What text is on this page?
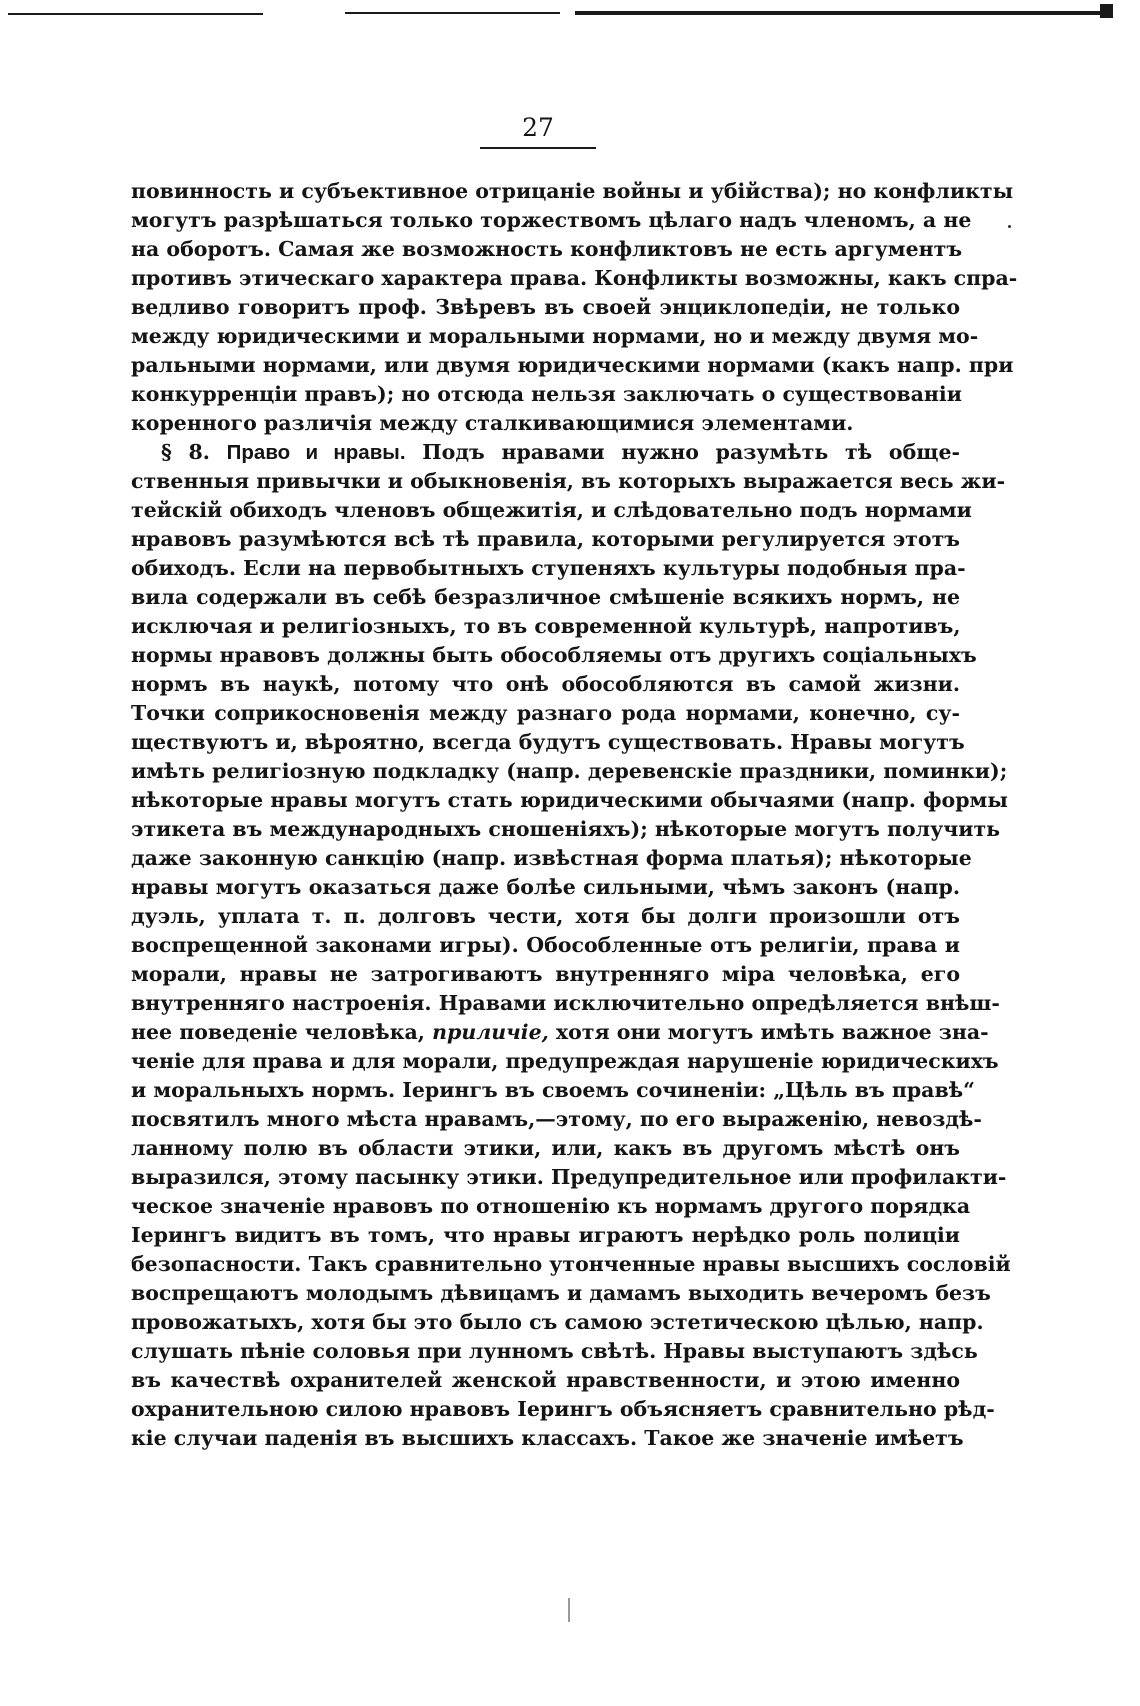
27
повинность и субъективное отрицаніе войны и убійства); но конфликты
могутъ разрѣшаться только торжествомъ цѣлаго надъ членомъ, а не
на оборотъ. Самая же возможность конфликтовъ не есть аргументъ
противъ этическаго характера права. Конфликты возможны, какъ спра-
ведливо говоритъ проф. Звѣревъ въ своей энциклопедіи, не только
между юридическими и моральными нормами, но и между двумя мо-
ральными нормами, или двумя юридическими нормами (какъ напр. при
конкурренціи правъ); но отсюда нельзя заключать о существованіи
коренного различія между сталкивающимися элементами.
§ 8. Право и нравы. Подъ нравами нужно разумѣть тѣ обще-
ственныя привычки и обыкновенія, въ которыхъ выражается весь жи-
тейскій обиходъ членовъ общежитія, и слѣдовательно подъ нормами
нравовъ разумѣются всѣ тѣ правила, которыми регулируется этотъ
обиходъ. Если на первобытныхъ ступеняхъ культуры подобныя пра-
вила содержали въ себѣ безразличное смѣшеніе всякихъ нормъ, не
исключая и религіозныхъ, то въ современной культурѣ, напротивъ,
нормы нравовъ должны быть обособляемы отъ другихъ соціальныхъ
нормъ въ наукѣ, потому что онѣ обособляются въ самой жизни.
Точки соприкосновенія между разнаго рода нормами, конечно, су-
ществуютъ и, вѣроятно, всегда будутъ существовать. Нравы могутъ
имѣть религіозную подкладку (напр. деревенскіе праздники, поминки);
нѣкоторые нравы могутъ стать юридическими обычаями (напр. формы
этикета въ международныхъ сношеніяхъ); нѣкоторые могутъ получить
даже законную санкцію (напр. извѣстная форма платья); нѣкоторые
нравы могутъ оказаться даже болѣе сильными, чѣмъ законъ (напр.
дуэль, уплата т. п. долговъ чести, хотя бы долги произошли отъ
воспрещенной законами игры). Обособленные отъ религіи, права и
морали, нравы не затрогиваютъ внутренняго міра человѣка, его
внутренняго настроенія. Нравами исключительно опредѣляется внѣш-
нее поведеніе человѣка, приличіе, хотя они могутъ имѣть важное зна-
ченіе для права и для морали, предупреждая нарушеніе юридическихъ
и моральныхъ нормъ. Іерингъ въ своемъ сочиненіи: „Цѣль въ правѣ“
посвятилъ много мѣста нравамъ,—этому, по его выраженію, невоздѣ-
ланному полю въ области этики, или, какъ въ другомъ мѣстѣ онъ
выразился, этому пасынку этики. Предупредительное или профилакти-
ческое значеніе нравовъ по отношенію къ нормамъ другого порядка
Іерингъ видитъ въ томъ, что нравы играютъ нерѣдко роль полиціи
безопасности. Такъ сравнительно утонченные нравы высшихъ сословій
воспрещаютъ молодымъ дѣвицамъ и дамамъ выходить вечеромъ безъ
провожатыхъ, хотя бы это было съ самою эстетическою цѣлью, напр.
слушать пѣніе соловья при лунномъ свѣтѣ. Нравы выступаютъ здѣсь
въ качествѣ охранителей женской нравственности, и этою именно
охранительною силою нравовъ Іерингъ объясняетъ сравнительно рѣд-
кіе случаи паденія въ высшихъ классахъ. Такое же значеніе имѣетъ
